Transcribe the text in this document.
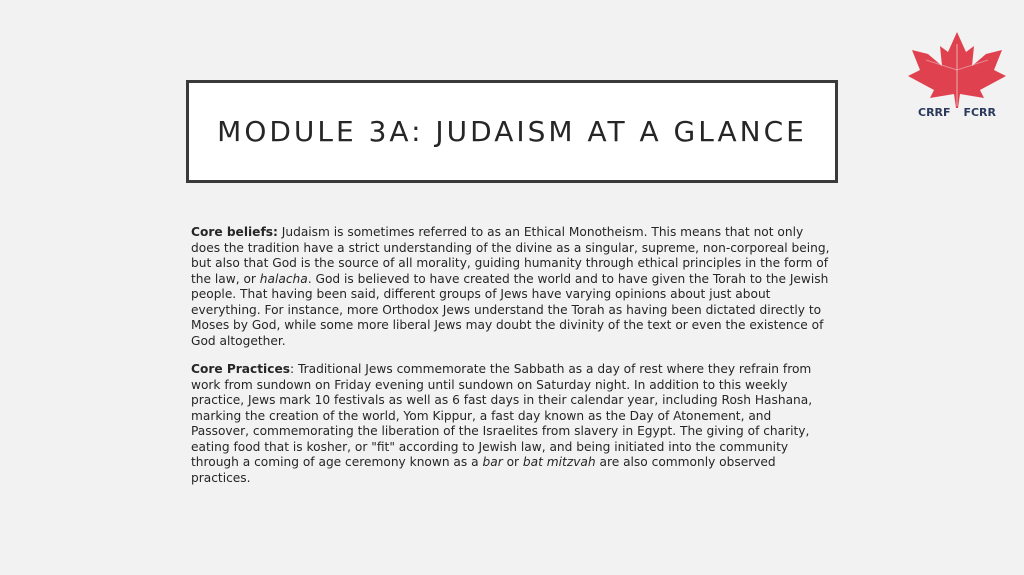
MODULE 3A: JUDAISM AT A GLANCE
CRRF FCRR

Core beliefs: Judaism is sometimes referred to as an Ethical Monotheism. This means that not only does the tradition have a strict understanding of the divine as a singular, supreme, non-corporeal being, but also that God is the source of all morality, guiding humanity through ethical principles in the form of the law, or halacha. God is believed to have created the world and to have given the Torah to the Jewish people. That having been said, different groups of Jews have varying opinions about just about everything. For instance, more Orthodox Jews understand the Torah as having been dictated directly to Moses by God, while some more liberal Jews may doubt the divinity of the text or even the existence of God altogether.

Core Practices: Traditional Jews commemorate the Sabbath as a day of rest where they refrain from work from sundown on Friday evening until sundown on Saturday night. In addition to this weekly practice, Jews mark 10 festivals as well as 6 fast days in their calendar year, including Rosh Hashana, marking the creation of the world, Yom Kippur, a fast day known as the Day of Atonement, and Passover, commemorating the liberation of the Israelites from slavery in Egypt. The giving of charity, eating food that is kosher, or "fit" according to Jewish law, and being initiated into the community through a coming of age ceremony known as a bar or bat mitzvah are also commonly observed practices.
